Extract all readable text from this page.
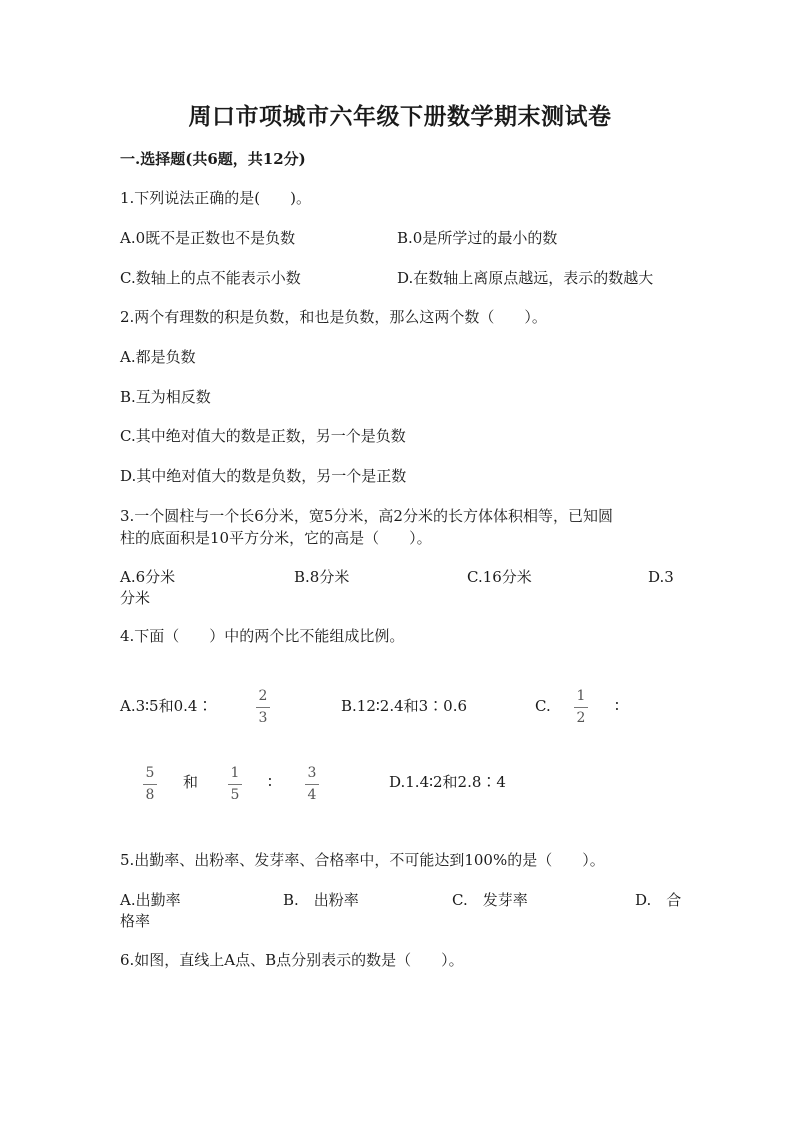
周口市项城市六年级下册数学期末测试卷
一.选择题(共6题，共12分)
1.下列说法正确的是(　　)。
A.0既不是正数也不是负数	B.0是所学过的最小的数
C.数轴上的点不能表示小数	D.在数轴上离原点越远，表示的数越大
2.两个有理数的积是负数，和也是负数，那么这两个数（　　）。
A.都是负数
B.互为相反数
C.其中绝对值大的数是正数，另一个是负数
D.其中绝对值大的数是负数，另一个是正数
3.一个圆柱与一个长6分米，宽5分米，高2分米的长方体体积相等，已知圆
柱的底面积是10平方分米，它的高是（　　）。
A.6分米	B.8分米	C.16分米	D.3
分米
4.下面（　　）中的两个比不能组成比例。
A.3∶5和0.4∶
2
3
B.12∶2.4和3∶0.6	C.
1
2
∶
5
8
和 1
5
∶	3
4
D.1.4∶2和2.8∶4
5.出勤率、出粉率、发芽率、合格率中，不可能达到100%的是（　　）。
A.出勤率	B.　出粉率	C.　发芽率	D.　合
格率
6.如图，直线上A点、B点分别表示的数是（　　）。
